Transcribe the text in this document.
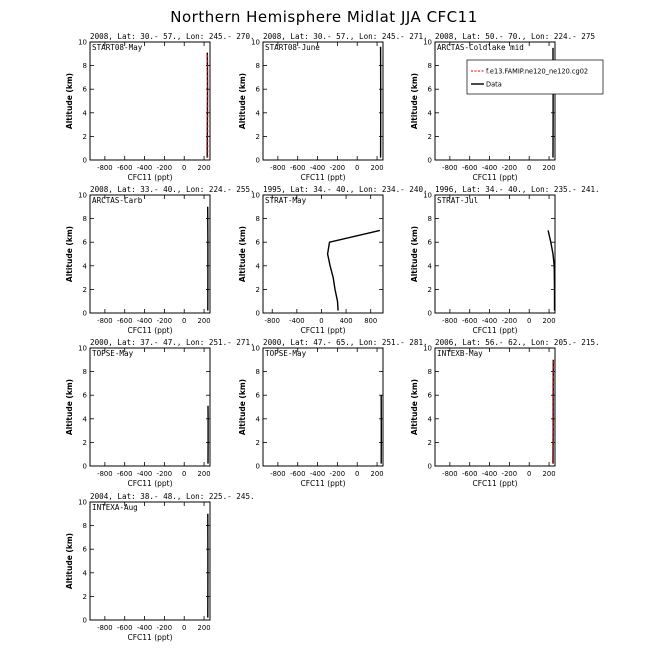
Northern Hemisphere Midlat JJA CFC11
2008, Lat: 30.- 57., Lon: 245.- 270.
START08-May
0
2
4
6
8
10
-800 -600 -400 -200 0 200
CFC11 (ppt)
Altitude (km)
2008, Lat: 30.- 57., Lon: 245.- 271.
START08-June
0
2
4
6
8
10
-800 -600 -400 -200 0 200
CFC11 (ppt)
Altitude (km)
2008, Lat: 50.- 70., Lon: 224.- 275
ARCTAS-Coldlake mid
0
2
4
6
8
10
-800 -600 -400 -200 0 200
CFC11 (ppt)
Altitude (km)
2008, Lat: 33.- 40., Lon: 224.- 255.
ARCTAS-Carb
0
2
4
6
8
10
-800 -600 -400 -200 0 200
CFC11 (ppt)
Altitude (km)
1995, Lat: 34.- 40., Lon: 234.- 240.
STRAT-May
0
2
4
6
8
10
-800 -400 0 400 800
CFC11 (ppt)
Altitude (km)
1996, Lat: 34.- 40., Lon: 235.- 241.
STRAT-Jul
0
2
4
6
8
10
-800 -600 -400 -200 0 200
CFC11 (ppt)
Altitude (km)
2000, Lat: 37.- 47., Lon: 251.- 271.
TOPSE-May
0
2
4
6
8
10
-800 -600 -400 -200 0 200
CFC11 (ppt)
Altitude (km)
2000, Lat: 47.- 65., Lon: 251.- 281.
TOPSE-May
0
2
4
6
8
10
-800 -600 -400 -200 0 200
CFC11 (ppt)
Altitude (km)
2006, Lat: 56.- 62., Lon: 205.- 215.
INTEXB-May
0
2
4
6
8
10
-800 -600 -400 -200 0 200
CFC11 (ppt)
Altitude (km)
2004, Lat: 38.- 48., Lon: 225.- 245.
INTEXA-Aug
0
2
4
6
8
10
-800 -600 -400 -200 0 200
CFC11 (ppt)
Altitude (km)
f.e13.FAMIP.ne120_ne120.cg02
Data
